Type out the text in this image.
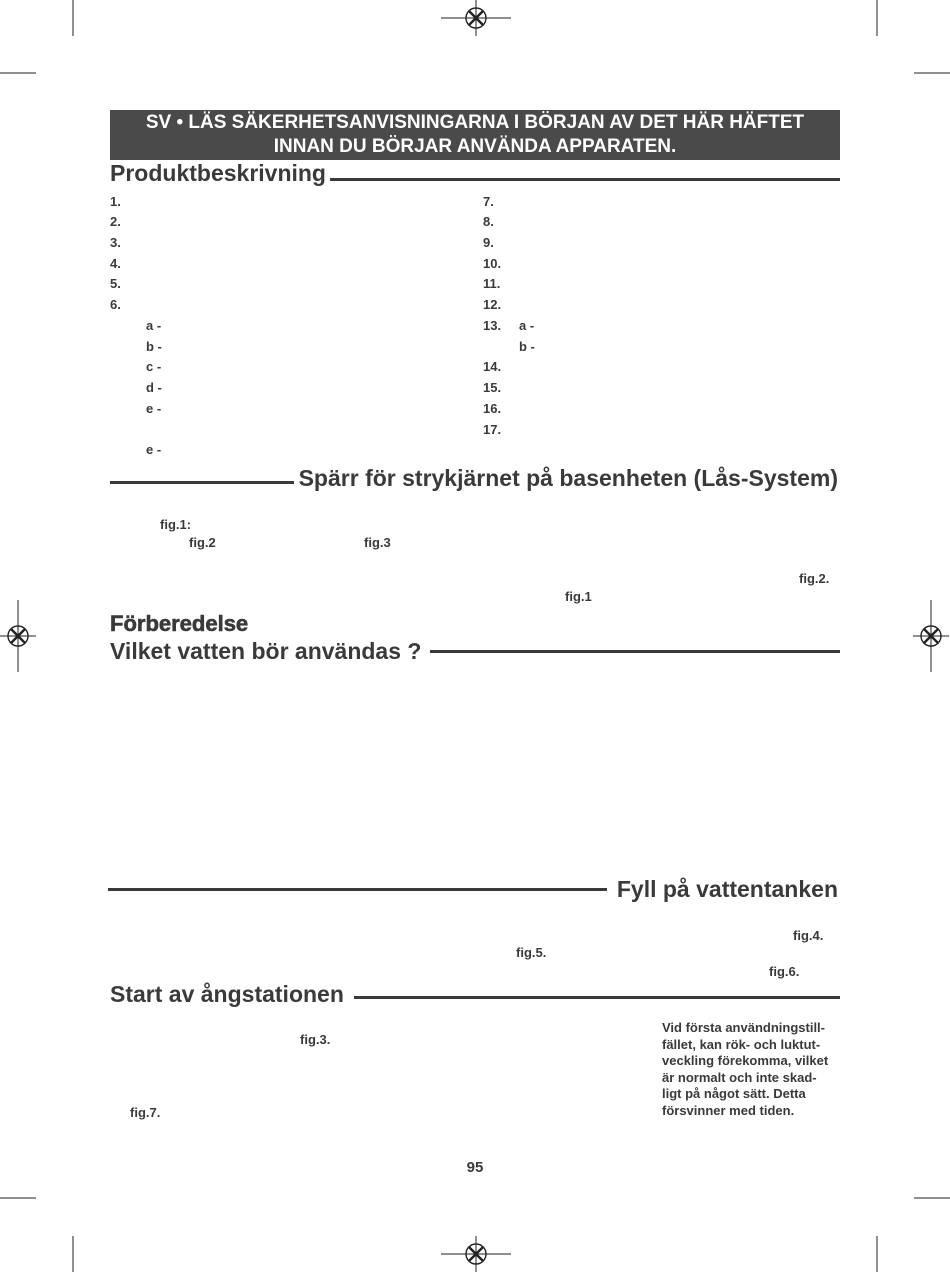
SV • LÄS SÄKERHETSANVISNINGARNA I BÖRJAN AV DET HÄR HÄFTET
INNAN DU BÖRJAR ANVÄNDA APPARATEN.
Produktbeskrivning
1.
2.
3.
4.
5.
6.
a -
b -
c -
d -
e -
e -
7.
8.
9.
10.
11.
12.
13. a -
b -
14.
15.
16.
17.
Spärr för strykjärnet på basenheten (Lås-System)
fig.1:
fig.2	fig.3
fig.2.
fig.1
Förberedelse
Vilket vatten bör användas ?
Fyll på vattentanken
fig.4.
fig.5.
fig.6.
Start av ångstationen
fig.3.
fig.7.
Vid första användningstill-
fället, kan rök- och luktut-
veckling förekomma, vilket
är normalt och inte skad-
ligt på något sätt. Detta
försvinner med tiden.
95
